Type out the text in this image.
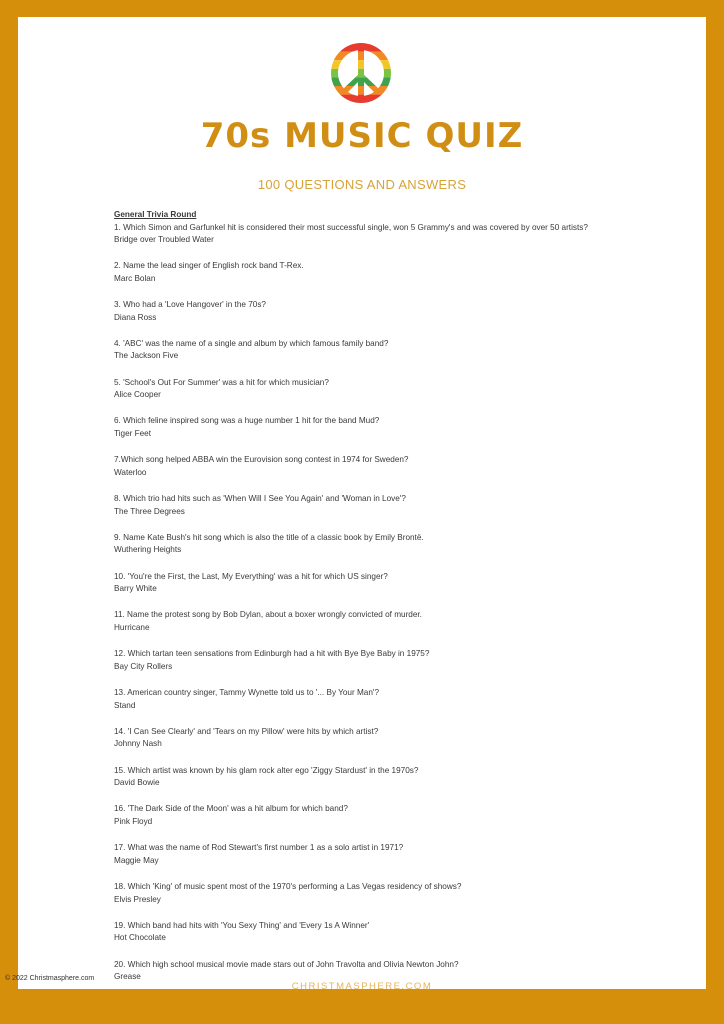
70s MUSIC QUIZ
100 QUESTIONS AND ANSWERS
General Trivia Round
1. Which Simon and Garfunkel hit is considered their most successful single, won 5 Grammy's and was covered by over 50 artists?
Bridge over Troubled Water
2. Name the lead singer of English rock band T-Rex.
Marc Bolan
3. Who had a 'Love Hangover' in the 70s?
Diana Ross
4. 'ABC' was the name of a single and album by which famous family band?
The Jackson Five
5. 'School's Out For Summer' was a hit for which musician?
Alice Cooper
6. Which feline inspired song was a huge number 1 hit for the band Mud?
Tiger Feet
7.Which song helped ABBA win the Eurovision song contest in 1974 for Sweden?
Waterloo
8. Which trio had hits such as 'When Will I See You Again' and 'Woman in Love'?
The Three Degrees
9. Name Kate Bush's hit song which is also the title of a classic book by Emily Brontë.
Wuthering Heights
10. 'You're the First, the Last, My Everything' was a hit for which US singer?
Barry White
11. Name the protest song by Bob Dylan, about a boxer wrongly convicted of murder.
Hurricane
12. Which tartan teen sensations from Edinburgh had a hit with Bye Bye Baby in 1975?
Bay City Rollers
13. American country singer, Tammy Wynette told us to '... By Your Man'?
Stand
14. 'I Can See Clearly' and 'Tears on my Pillow' were hits by which artist?
Johnny Nash
15. Which artist was known by his glam rock alter ego 'Ziggy Stardust' in the 1970s?
David Bowie
16. 'The Dark Side of the Moon' was a hit album for which band?
Pink Floyd
17. What was the name of Rod Stewart's first number 1 as a solo artist in 1971?
Maggie May
18. Which 'King' of music spent most of the 1970's performing a Las Vegas residency of shows?
Elvis Presley
19. Which band had hits with 'You Sexy Thing' and 'Every 1s A Winner'
Hot Chocolate
20. Which high school musical movie made stars out of John Travolta and Olivia Newton John?
Grease
CHRISTMASPHERE.COM
© 2022 Christmasphere.com
